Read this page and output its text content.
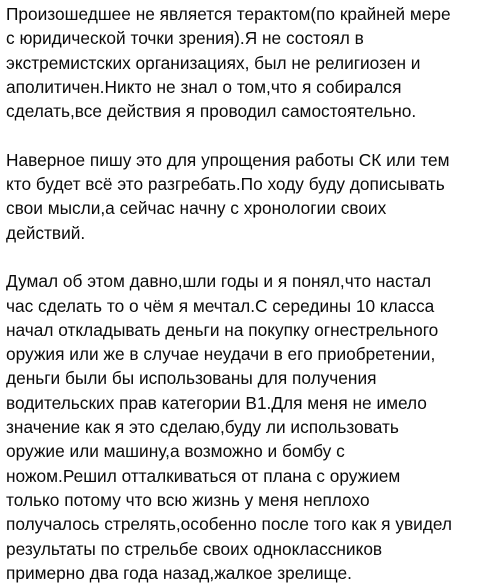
Произошедшее не является терактом(по крайней мере
с юридической точки зрения).Я не состоял в
экстремистских организациях, был не религиозен и
аполитичен.Никто не знал о том,что я собирался
сделать,все действия я проводил самостоятельно.
Наверное пишу это для упрощения работы СК или тем
кто будет всё это разгребать.По ходу буду дописывать
свои мысли,а сейчас начну с хронологии своих
действий.
Думал об этом давно,шли годы и я понял,что настал
час сделать то о чём я мечтал.С середины 10 класса
начал откладывать деньги на покупку огнестрельного
оружия или же в случае неудачи в его приобретении,
деньги были бы использованы для получения
водительских прав категории В1.Для меня не имело
значение как я это сделаю,буду ли использовать
оружие или машину,а возможно и бомбу с
ножом.Решил отталкиваться от плана с оружием
только потому что всю жизнь у меня неплохо
получалось стрелять,особенно после того как я увидел
результаты по стрельбе своих одноклассников
примерно два года назад,жалкое зрелище.
